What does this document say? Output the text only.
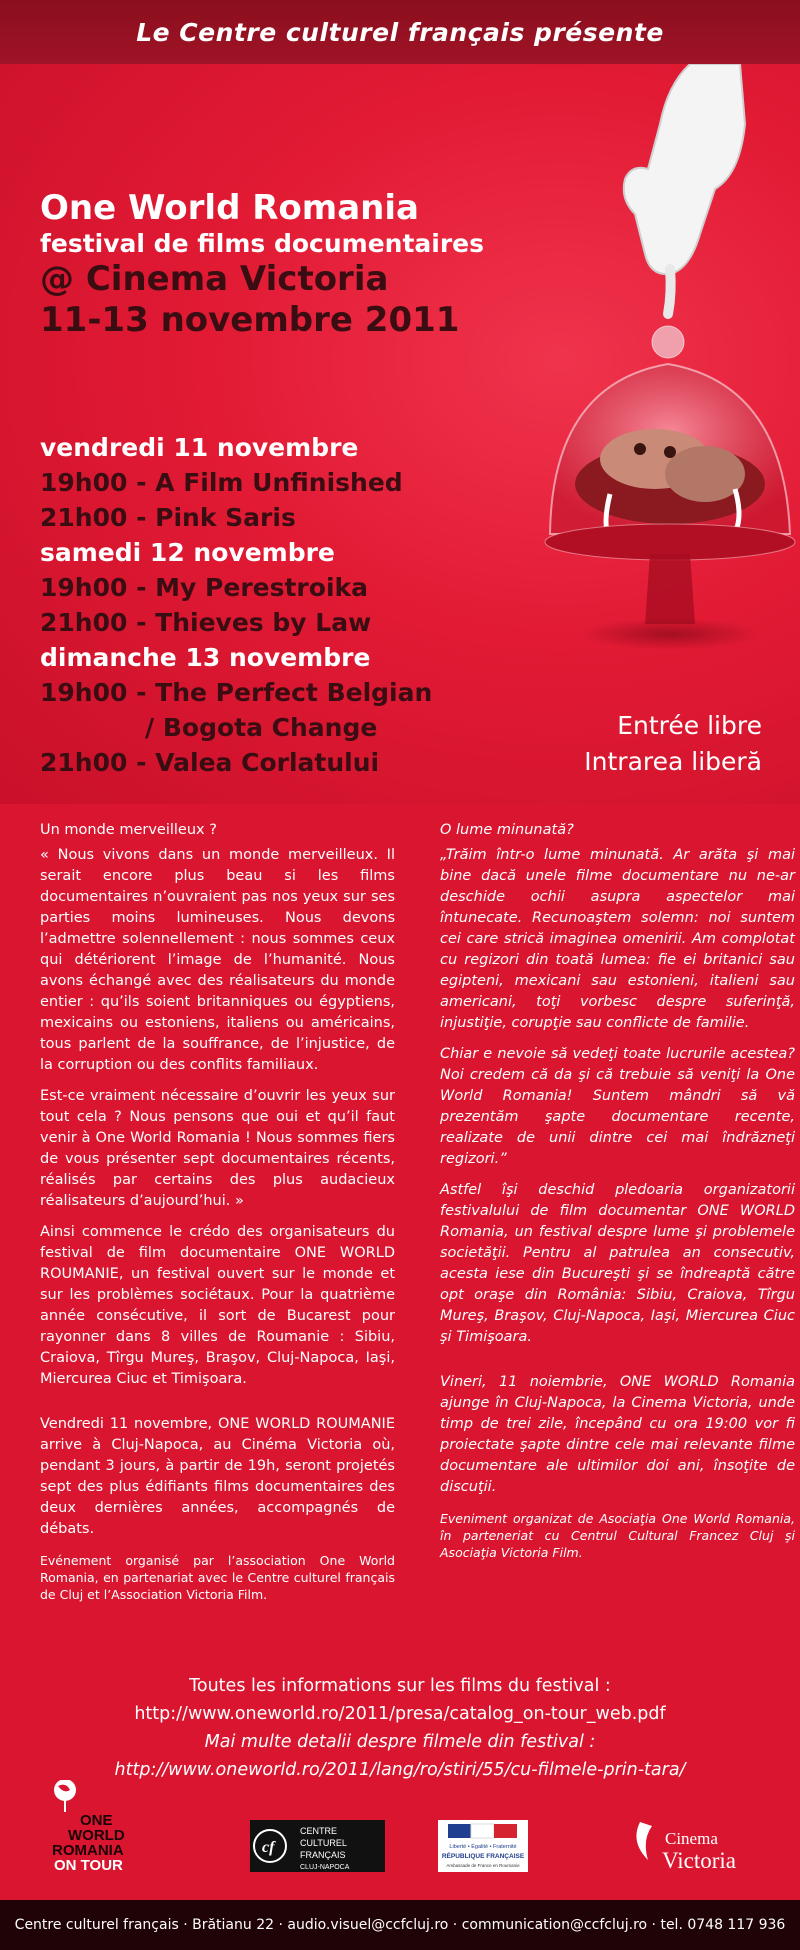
Le Centre culturel français présente
One World Romania
festival de films documentaires
@ Cinema Victoria
11-13 novembre 2011
vendredi 11 novembre
19h00 - A Film Unfinished
21h00 - Pink Saris
samedi 12 novembre
19h00 - My Perestroika
21h00 - Thieves by Law
dimanche 13 novembre
19h00 - The Perfect Belgian
/ Bogota Change
21h00 - Valea Corlatului
Entrée libre
Intrarea liberă

Un monde merveilleux ?

« Nous vivons dans un monde merveilleux. Il serait encore plus beau si les films documentaires n’ouvraient pas nos yeux sur ses parties moins lumineuses. Nous devons l’admettre solennellement : nous sommes ceux qui détériorent l’image de l’humanité. Nous avons échangé avec des réalisateurs du monde entier : qu’ils soient britanniques ou égyptiens, mexicains ou estoniens, italiens ou américains, tous parlent de la souffrance, de l’injustice, de la corruption ou des conflits familiaux.

Est-ce vraiment nécessaire d’ouvrir les yeux sur tout cela ? Nous pensons que oui et qu’il faut venir à One World Romania ! Nous sommes fiers de vous présenter sept documentaires récents, réalisés par certains des plus audacieux réalisateurs d’aujourd’hui. »

Ainsi commence le crédo des organisateurs du festival de film documentaire ONE WORLD ROUMANIE, un festival ouvert sur le monde et sur les problèmes sociétaux. Pour la quatrième année consécutive, il sort de Bucarest pour rayonner dans 8 villes de Roumanie : Sibiu, Craiova, Tîrgu Mureş, Braşov, Cluj-Napoca, Iaşi, Miercurea Ciuc et Timişoara.

Vendredi 11 novembre, ONE WORLD ROUMANIE arrive à Cluj-Napoca, au Cinéma Victoria où, pendant 3 jours, à partir de 19h, seront projetés sept des plus édifiants films documentaires des deux dernières années, accompagnés de débats.

Evénement organisé par l’association One World Romania, en partenariat avec le Centre culturel français de Cluj et l’Association Victoria Film.

O lume minunată?

„Trăim într-o lume minunată. Ar arăta şi mai bine dacă unele filme documentare nu ne-ar deschide ochii asupra aspectelor mai întunecate. Recunoaştem solemn: noi suntem cei care strică imaginea omenirii. Am complotat cu regizori din toată lumea: fie ei britanici sau egipteni, mexicani sau estonieni, italieni sau americani, toţi vorbesc despre suferinţă, injustiţie, corupţie sau conflicte de familie.

Chiar e nevoie să vedeţi toate lucrurile acestea? Noi credem că da şi că trebuie să veniţi la One World Romania! Suntem mândri să vă prezentăm şapte documentare recente, realizate de unii dintre cei mai îndrăzneţi regizori.”

Astfel îşi deschid pledoaria organizatorii festivalului de film documentar ONE WORLD Romania, un festival despre lume şi problemele societăţii. Pentru al patrulea an consecutiv, acesta iese din Bucureşti şi se îndreaptă către opt oraşe din România: Sibiu, Craiova, Tîrgu Mureş, Braşov, Cluj-Napoca, Iaşi, Miercurea Ciuc şi Timişoara.

Vineri, 11 noiembrie, ONE WORLD Romania ajunge în Cluj-Napoca, la Cinema Victoria, unde timp de trei zile, începând cu ora 19:00 vor fi proiectate şapte dintre cele mai relevante filme documentare ale ultimilor doi ani, însoţite de discuţii.

Eveniment organizat de Asociaţia One World Romania, în parteneriat cu Centrul Cultural Francez Cluj şi Asociaţia Victoria Film.

Toutes les informations sur les films du festival :
http://www.oneworld.ro/2011/presa/catalog_on-tour_web.pdf
Mai multe detalii despre filmele din festival :
http://www.oneworld.ro/2011/lang/ro/stiri/55/cu-filmele-prin-tara/
ONE
WORLD
ROMANIA
ON TOUR
cf
CENTRE
CULTUREL
FRANÇAIS
CLUJ-NAPOCA
Liberté • Égalité • Fraternité
RÉPUBLIQUE FRANÇAISE
Ambassade de France en Roumanie
Cinema
Victoria
Centre culturel français · Brătianu 22 · audio.visuel@ccfcluj.ro · communication@ccfcluj.ro · tel. 0748 117 936
